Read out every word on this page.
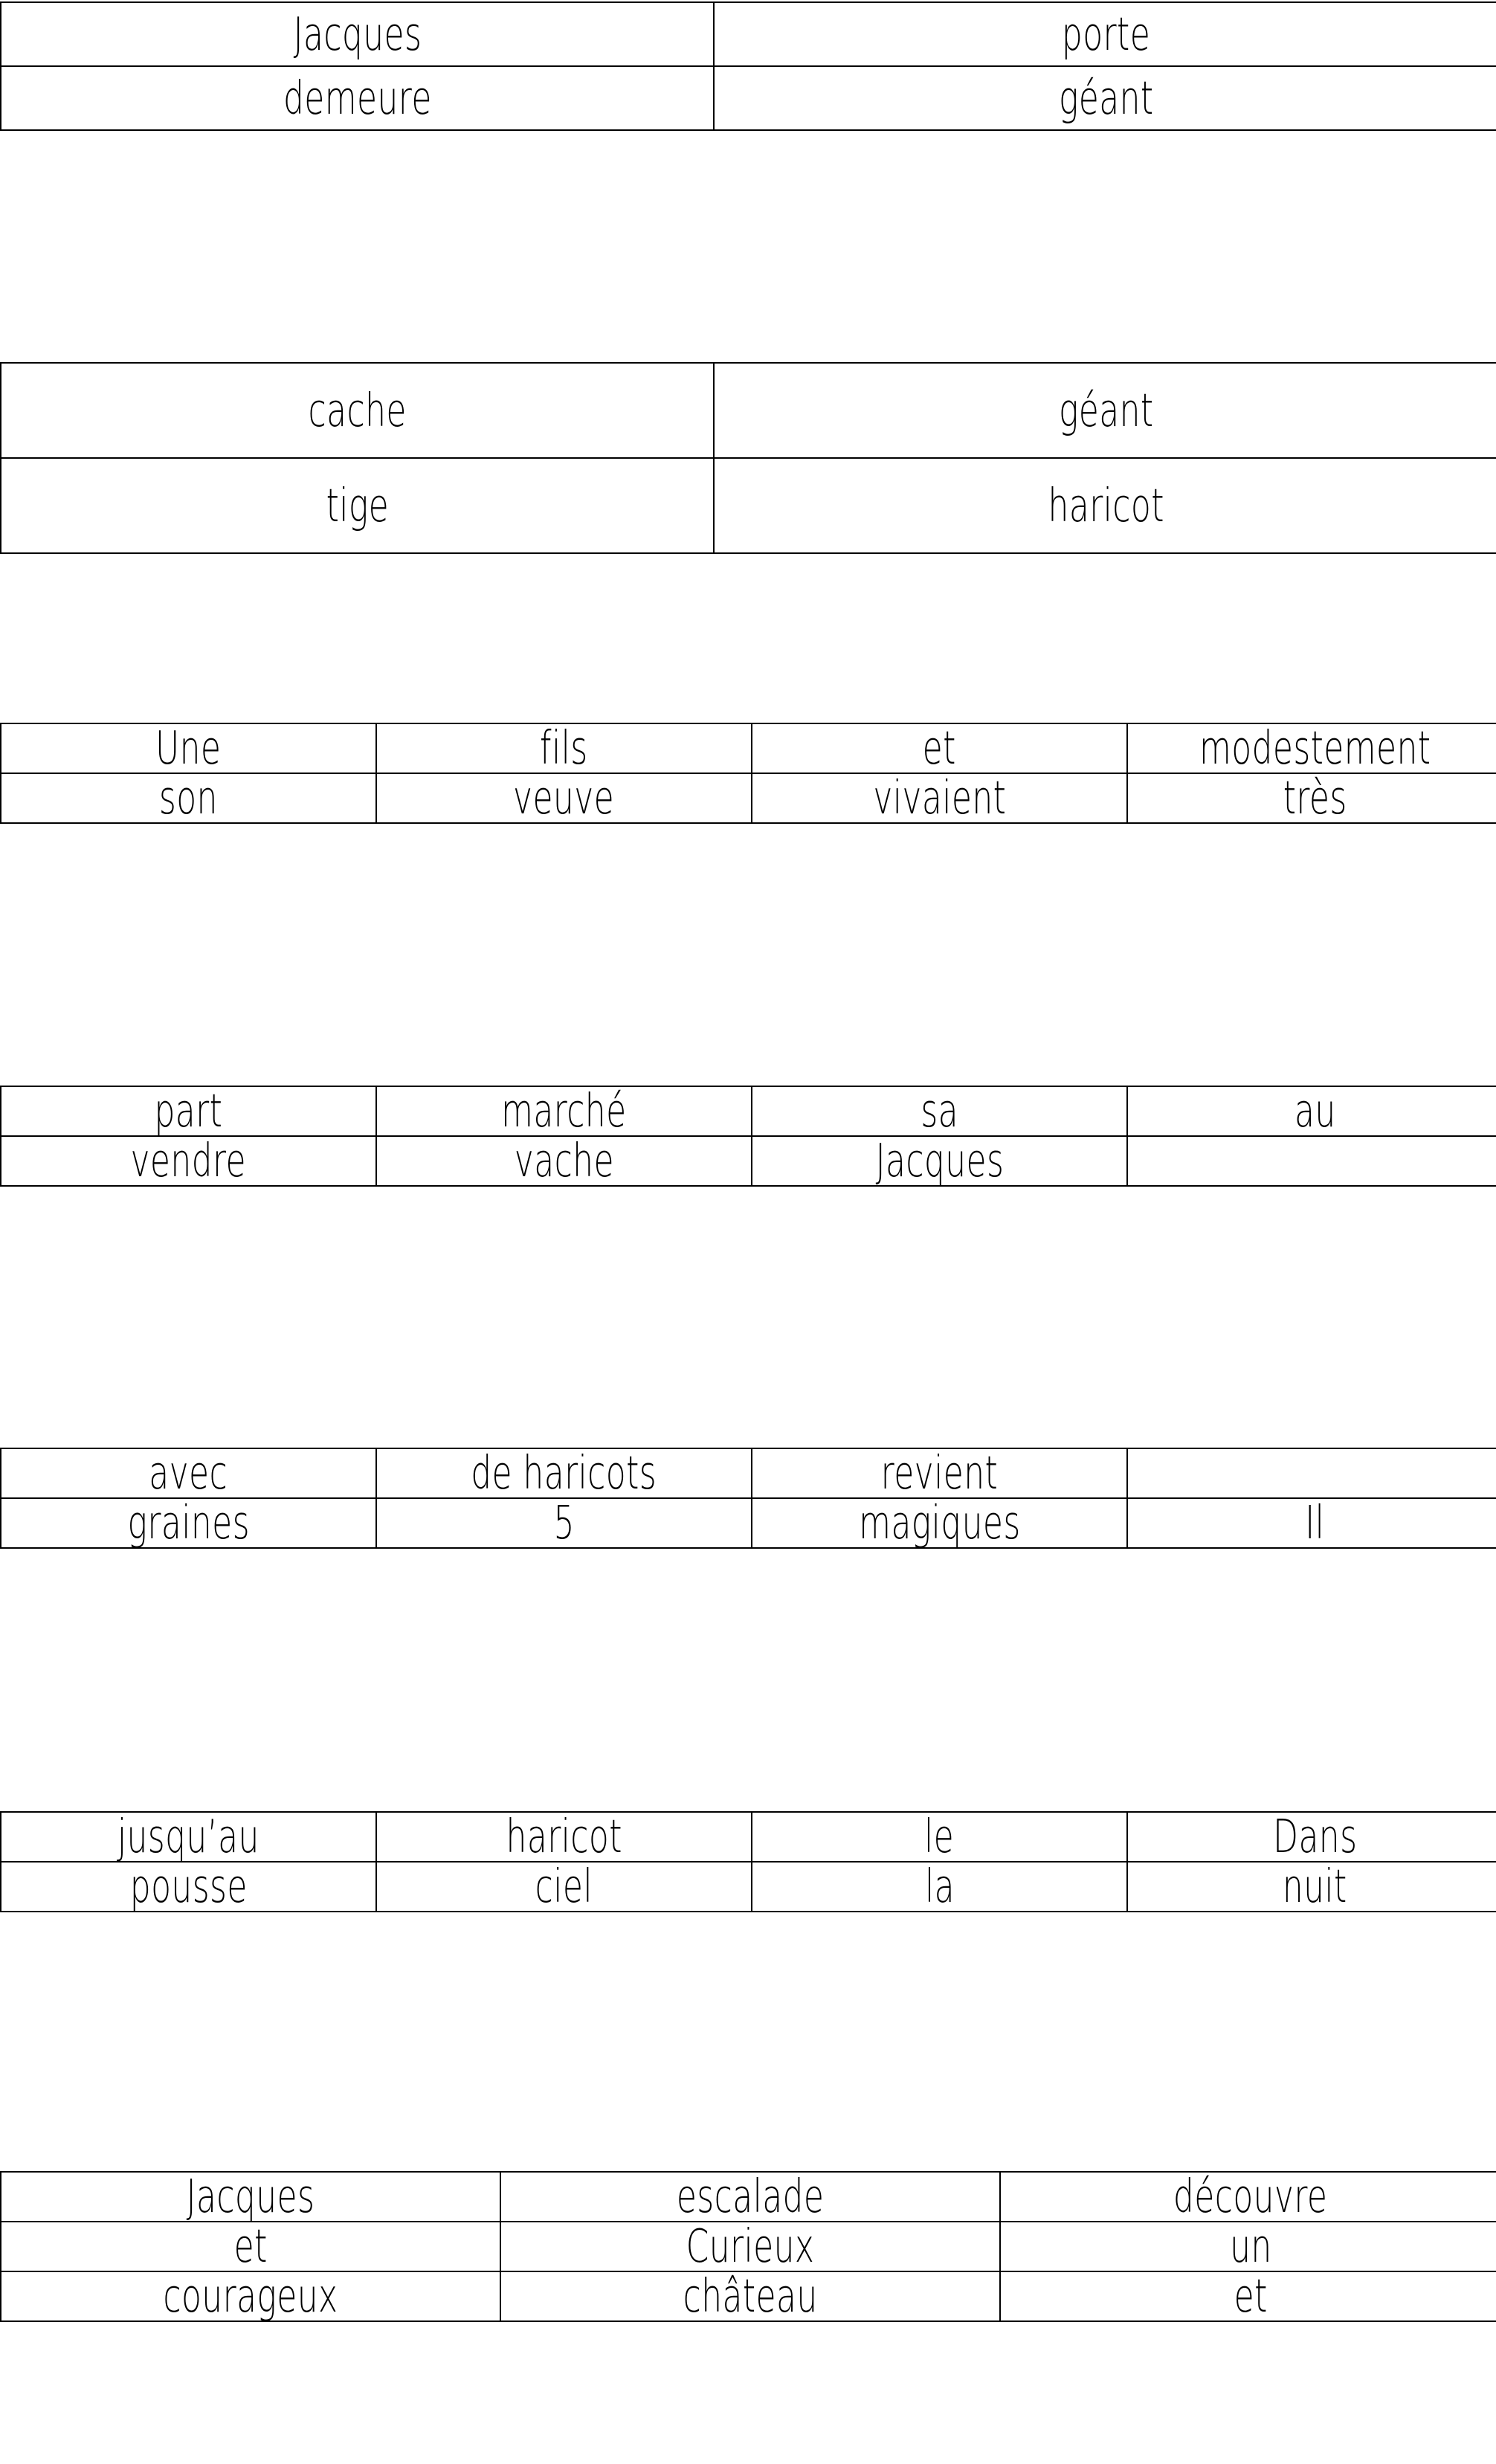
Jacques	porte
demeure	géant
cache	géant
tige	haricot
Une	fils	et	modestement
son	veuve	vivaient	très
part	marché	sa	au
vendre	vache	Jacques	
avec	de haricots	revient	
graines	5	magiques	Il
jusqu’au	haricot	le	Dans
pousse	ciel	la	nuit
Jacques	escalade	découvre
et	Curieux	un
courageux	château	et
